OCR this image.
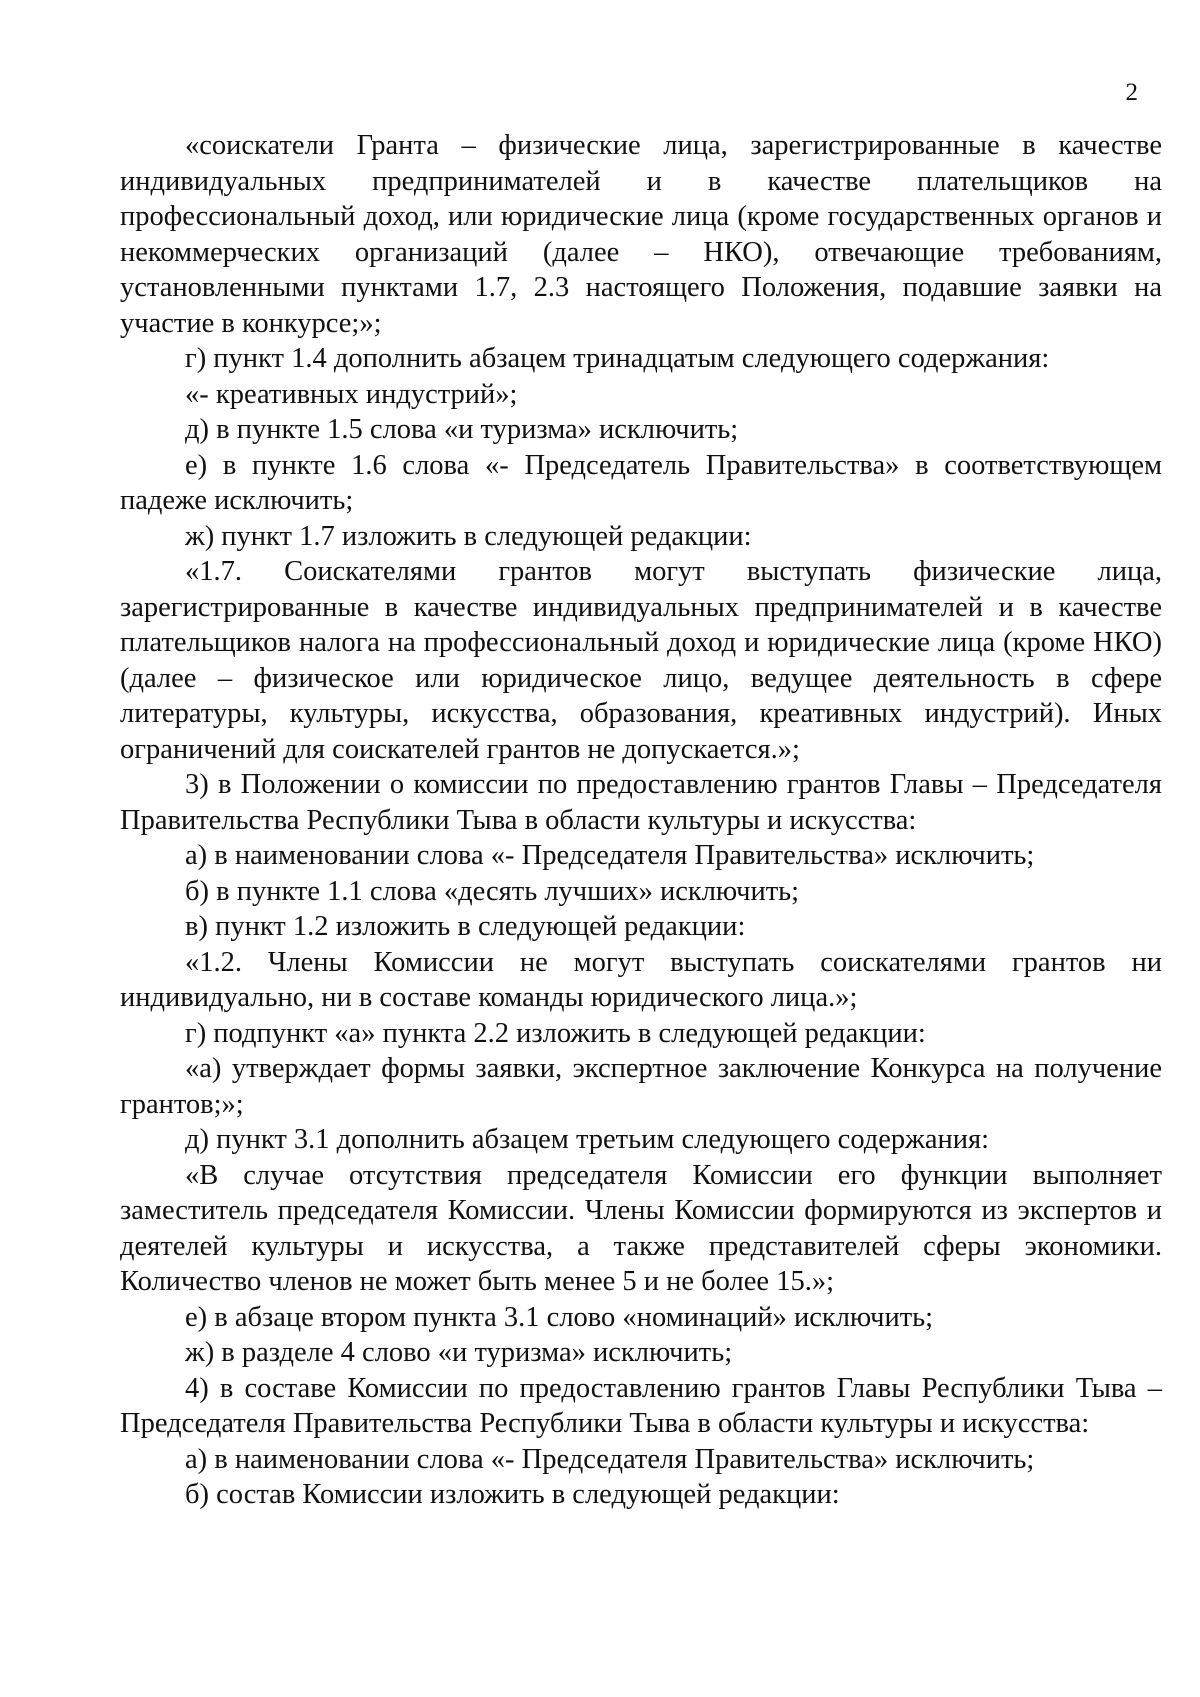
2

«соискатели Гранта – физические лица, зарегистрированные в качестве индивидуальных предпринимателей и в качестве плательщиков на профессиональный доход, или юридические лица (кроме государственных органов и некоммерческих организаций (далее – НКО), отвечающие требованиям, установленными пунктами 1.7, 2.3 настоящего Положения, подавшие заявки на участие в конкурсе;»;

г) пункт 1.4 дополнить абзацем тринадцатым следующего содержания:

«- креативных индустрий»;

д) в пункте 1.5 слова «и туризма» исключить;

е) в пункте 1.6 слова «- Председатель Правительства» в соответствующем падеже исключить;

ж) пункт 1.7 изложить в следующей редакции:

«1.7. Соискателями грантов могут выступать физические лица, зарегистрированные в качестве индивидуальных предпринимателей и в качестве плательщиков налога на профессиональный доход и юридические лица (кроме НКО) (далее – физическое или юридическое лицо, ведущее деятельность в сфере литературы, культуры, искусства, образования, креативных индустрий). Иных ограничений для соискателей грантов не допускается.»;

3) в Положении о комиссии по предоставлению грантов Главы – Председателя Правительства Республики Тыва в области культуры и искусства:

а) в наименовании слова «- Председателя Правительства» исключить;

б) в пункте 1.1 слова «десять лучших» исключить;

в) пункт 1.2 изложить в следующей редакции:

«1.2. Члены Комиссии не могут выступать соискателями грантов ни индивидуально, ни в составе команды юридического лица.»;

г) подпункт «а» пункта 2.2 изложить в следующей редакции:

«а) утверждает формы заявки, экспертное заключение Конкурса на получение грантов;»;

д) пункт 3.1 дополнить абзацем третьим следующего содержания:

«В случае отсутствия председателя Комиссии его функции выполняет заместитель председателя Комиссии. Члены Комиссии формируются из экспертов и деятелей культуры и искусства, а также представителей сферы экономики. Количество членов не может быть менее 5 и не более 15.»;

е) в абзаце втором пункта 3.1 слово «номинаций» исключить;

ж) в разделе 4 слово «и туризма» исключить;

4) в составе Комиссии по предоставлению грантов Главы Республики Тыва – Председателя Правительства Республики Тыва в области культуры и искусства:

а) в наименовании слова «- Председателя Правительства» исключить;

б) состав Комиссии изложить в следующей редакции:
